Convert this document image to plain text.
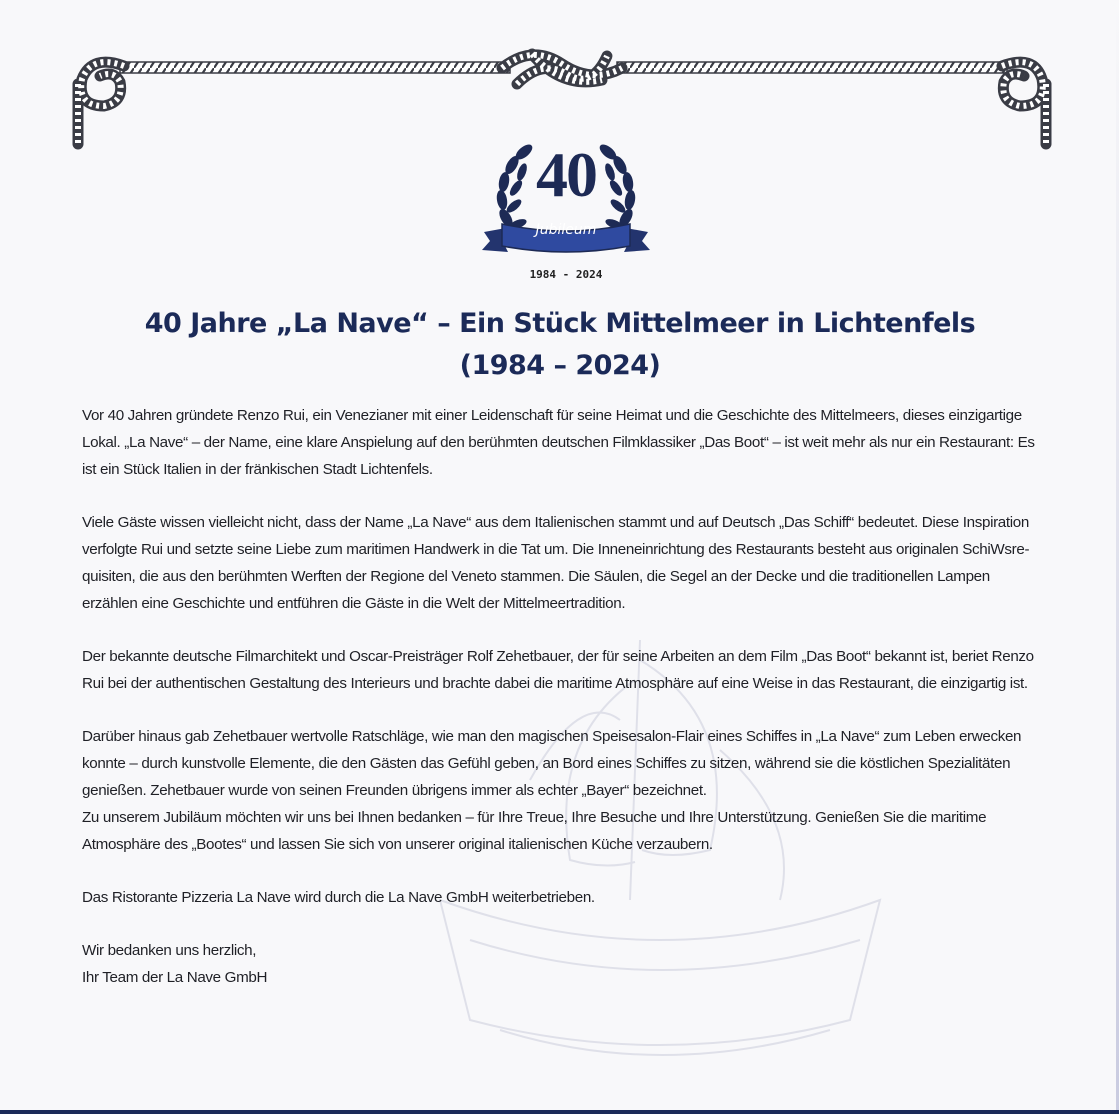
40
Jubileum
1984 - 2024
40 Jahre „La Nave“ – Ein Stück Mittelmeer in Lichtenfels
(1984 – 2024)

Vor 40 Jahren gründete Renzo Rui, ein Venezianer mit einer Leidenschaft für seine Heimat und die Geschichte des Mittelmeers, dieses einzigartige Lokal. „La Nave“ – der Name, eine klare Anspielung auf den berühmten deutschen Filmklassiker „Das Boot“ – ist weit mehr als nur ein Restaurant: Es ist ein Stück Italien in der fränkischen Stadt Lichtenfels.

Viele Gäste wissen vielleicht nicht, dass der Name „La Nave“ aus dem Italienischen stammt und auf Deutsch „Das Schiff“ bedeutet. Diese Inspiration verfolgte Rui und setzte seine Liebe zum maritimen Handwerk in die Tat um. Die Inneneinrichtung des Restaurants besteht aus originalen SchiWsre-quisiten, die aus den berühmten Werften der Regione del Veneto stammen. Die Säulen, die Segel an der Decke und die traditionellen Lampen erzählen eine Geschichte und entführen die Gäste in die Welt der Mittelmeertradition.

Der bekannte deutsche Filmarchitekt und Oscar-Preisträger Rolf Zehetbauer, der für seine Arbeiten an dem Film „Das Boot“ bekannt ist, beriet Renzo Rui bei der authentischen Gestaltung des Interieurs und brachte dabei die maritime Atmosphäre auf eine Weise in das Restaurant, die einzigartig ist.

Darüber hinaus gab Zehetbauer wertvolle Ratschläge, wie man den magischen Speisesalon-Flair eines Schiffes in „La Nave“ zum Leben erwecken konnte – durch kunstvolle Elemente, die den Gästen das Gefühl geben, an Bord eines Schiffes zu sitzen, während sie die köstlichen Spezialitäten genießen. Zehetbauer wurde von seinen Freunden übrigens immer als echter „Bayer“ bezeichnet.

Zu unserem Jubiläum möchten wir uns bei Ihnen bedanken – für Ihre Treue, Ihre Besuche und Ihre Unterstützung. Genießen Sie die maritime Atmosphäre des „Bootes“ und lassen Sie sich von unserer original italienischen Küche verzaubern.

Das Ristorante Pizzeria La Nave wird durch die La Nave GmbH weiterbetrieben.

Wir bedanken uns herzlich,
Ihr Team der La Nave GmbH
